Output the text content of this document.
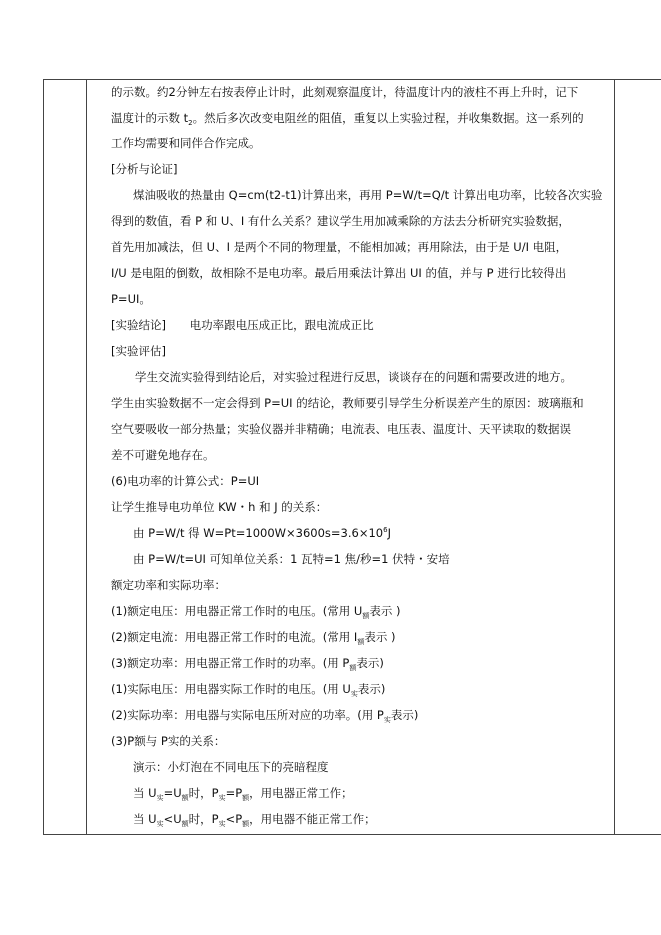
的示数。约2分钟左右按表停止计时，此刻观察温度计，待温度计内的液柱不再上升时，记下
温度计的示数 $t_2$。然后多次改变电阻丝的阻值，重复以上实验过程，并收集数据。这一系列的
工作均需要和同伴合作完成。
[分析与论证]
煤油吸收的热量由 Q=cm(t2-t1)计算出来，再用 P=W/t=Q/t 计算出电功率，比较各次实验
得到的数值，看 P 和 U、I 有什么关系？建议学生用加减乘除的方法去分析研究实验数据，
首先用加减法，但 U、I 是两个不同的物理量，不能相加减；再用除法，由于是 U/I 电阻，
I/U 是电阻的倒数，故相除不是电功率。最后用乘法计算出 UI 的值，并与 P 进行比较得出
P=UI。
[实验结论] 电功率跟电压成正比，跟电流成正比
[实验评估]
学生交流实验得到结论后，对实验过程进行反思，谈谈存在的问题和需要改进的地方。
学生由实验数据不一定会得到 P=UI 的结论，教师要引导学生分析误差产生的原因：玻璃瓶和
空气要吸收一部分热量；实验仪器并非精确；电流表、电压表、温度计、天平读取的数据误
差不可避免地存在。
(6)电功率的计算公式：P=UI
让学生推导电功单位 KW・h 和 J 的关系：
由 P=W/t 得 $W=Pt=1000W\times 3600s=3.6\times 10^6J$
由 P=W/t=UI 可知单位关系：1 瓦特=1 焦/秒=1 伏特・安培
额定功率和实际功率：
(1)额定电压：用电器正常工作时的电压。(常用 $U_额$表示 )
(2)额定电流：用电器正常工作时的电流。(常用 $I_额$表示 )
(3)额定功率：用电器正常工作时的功率。(用 $P_额$表示)
(1)实际电压：用电器实际工作时的电压。(用 $U_实$表示)
(2)实际功率：用电器与实际电压所对应的功率。(用 $P_实$表示)
(3)P额与 P实的关系：
演示：小灯泡在不同电压下的亮暗程度
当 $U_实=U_额$时，$P_实=P_额$，用电器正常工作；
当 $U_实<U_额$时，$P_实<P_额$，用电器不能正常工作；
